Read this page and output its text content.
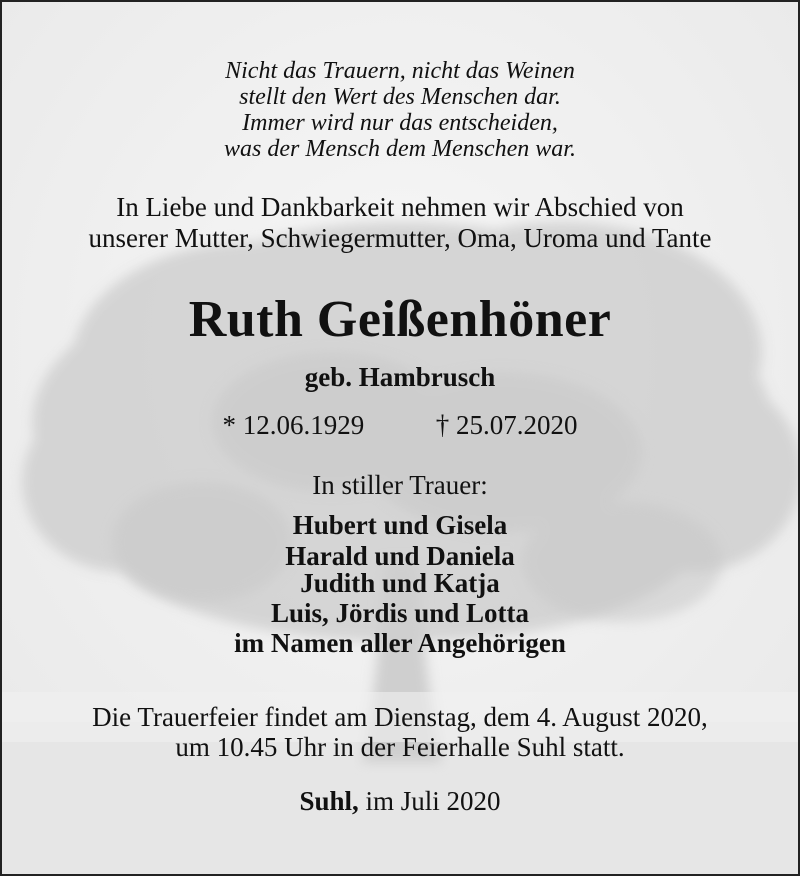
Nicht das Trauern, nicht das Weinen
stellt den Wert des Menschen dar.
Immer wird nur das entscheiden,
was der Mensch dem Menschen war.
In Liebe und Dankbarkeit nehmen wir Abschied von
unserer Mutter, Schwiegermutter, Oma, Uroma und Tante
Ruth Geißenhöner
geb. Hambrusch
* 12.06.1929	† 25.07.2020
In stiller Trauer:
Hubert und Gisela
Harald und Daniela
Judith und Katja
Luis, Jördis und Lotta
im Namen aller Angehörigen
Die Trauerfeier findet am Dienstag, dem 4. August 2020,
um 10.45 Uhr in der Feierhalle Suhl statt.
Suhl, im Juli 2020
